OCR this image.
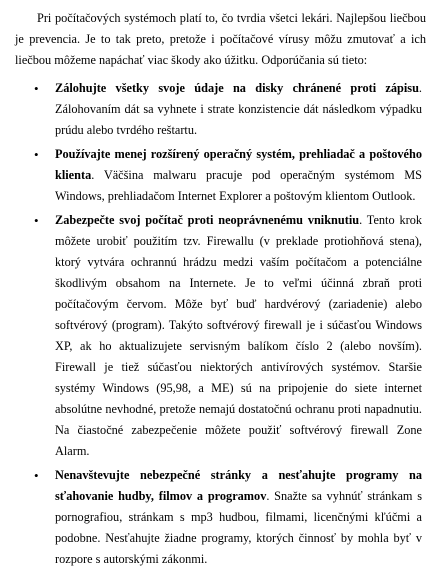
Pri počítačových systémoch platí to, čo tvrdia všetci lekári. Najlepšou liečbou je prevencia. Je to tak preto, pretože i počítačové vírusy môžu zmutovať a ich liečbou môžeme napáchať viac škody ako úžitku. Odporúčania sú tieto:

• Zálohujte všetky svoje údaje na disky chránené proti zápisu. Zálohovaním dát sa vyhnete i strate konzistencie dát následkom výpadku prúdu alebo tvrdého reštartu.
• Používajte menej rozšírený operačný systém, prehliadač a poštového klienta. Väčšina malwaru pracuje pod operačným systémom MS Windows, prehliadačom Internet Explorer a poštovým klientom Outlook.
• Zabezpečte svoj počítač proti neoprávnenému vniknutiu. Tento krok môžete urobiť použitím tzv. Firewallu (v preklade protiohňová stena), ktorý vytvára ochrannú hrádzu medzi vaším počítačom a potenciálne škodlivým obsahom na Internete. Je to veľmi účinná zbraň proti počítačovým červom. Môže byť buď hardvérový (zariadenie) alebo softvérový (program). Takýto softvérový firewall je i súčasťou Windows XP, ak ho aktualizujete servisným balíkom číslo 2 (alebo novším). Firewall je tiež súčasťou niektorých antivírových systémov. Staršie systémy Windows (95,98, a ME) sú na pripojenie do siete internet absolútne nevhodné, pretože nemajú dostatočnú ochranu proti napadnutiu. Na čiastočné zabezpečenie môžete použiť softvérový firewall Zone Alarm.
• Nenavštevujte nebezpečné stránky a nesťahujte programy na sťahovanie hudby, filmov a programov. Snažte sa vyhnúť stránkam s pornografiou, stránkam s mp3 hudbou, filmami, licenčnými kľúčmi a podobne. Nesťahujte žiadne programy, ktorých činnosť by mohla byť v rozpore s autorskými zákonmi.
